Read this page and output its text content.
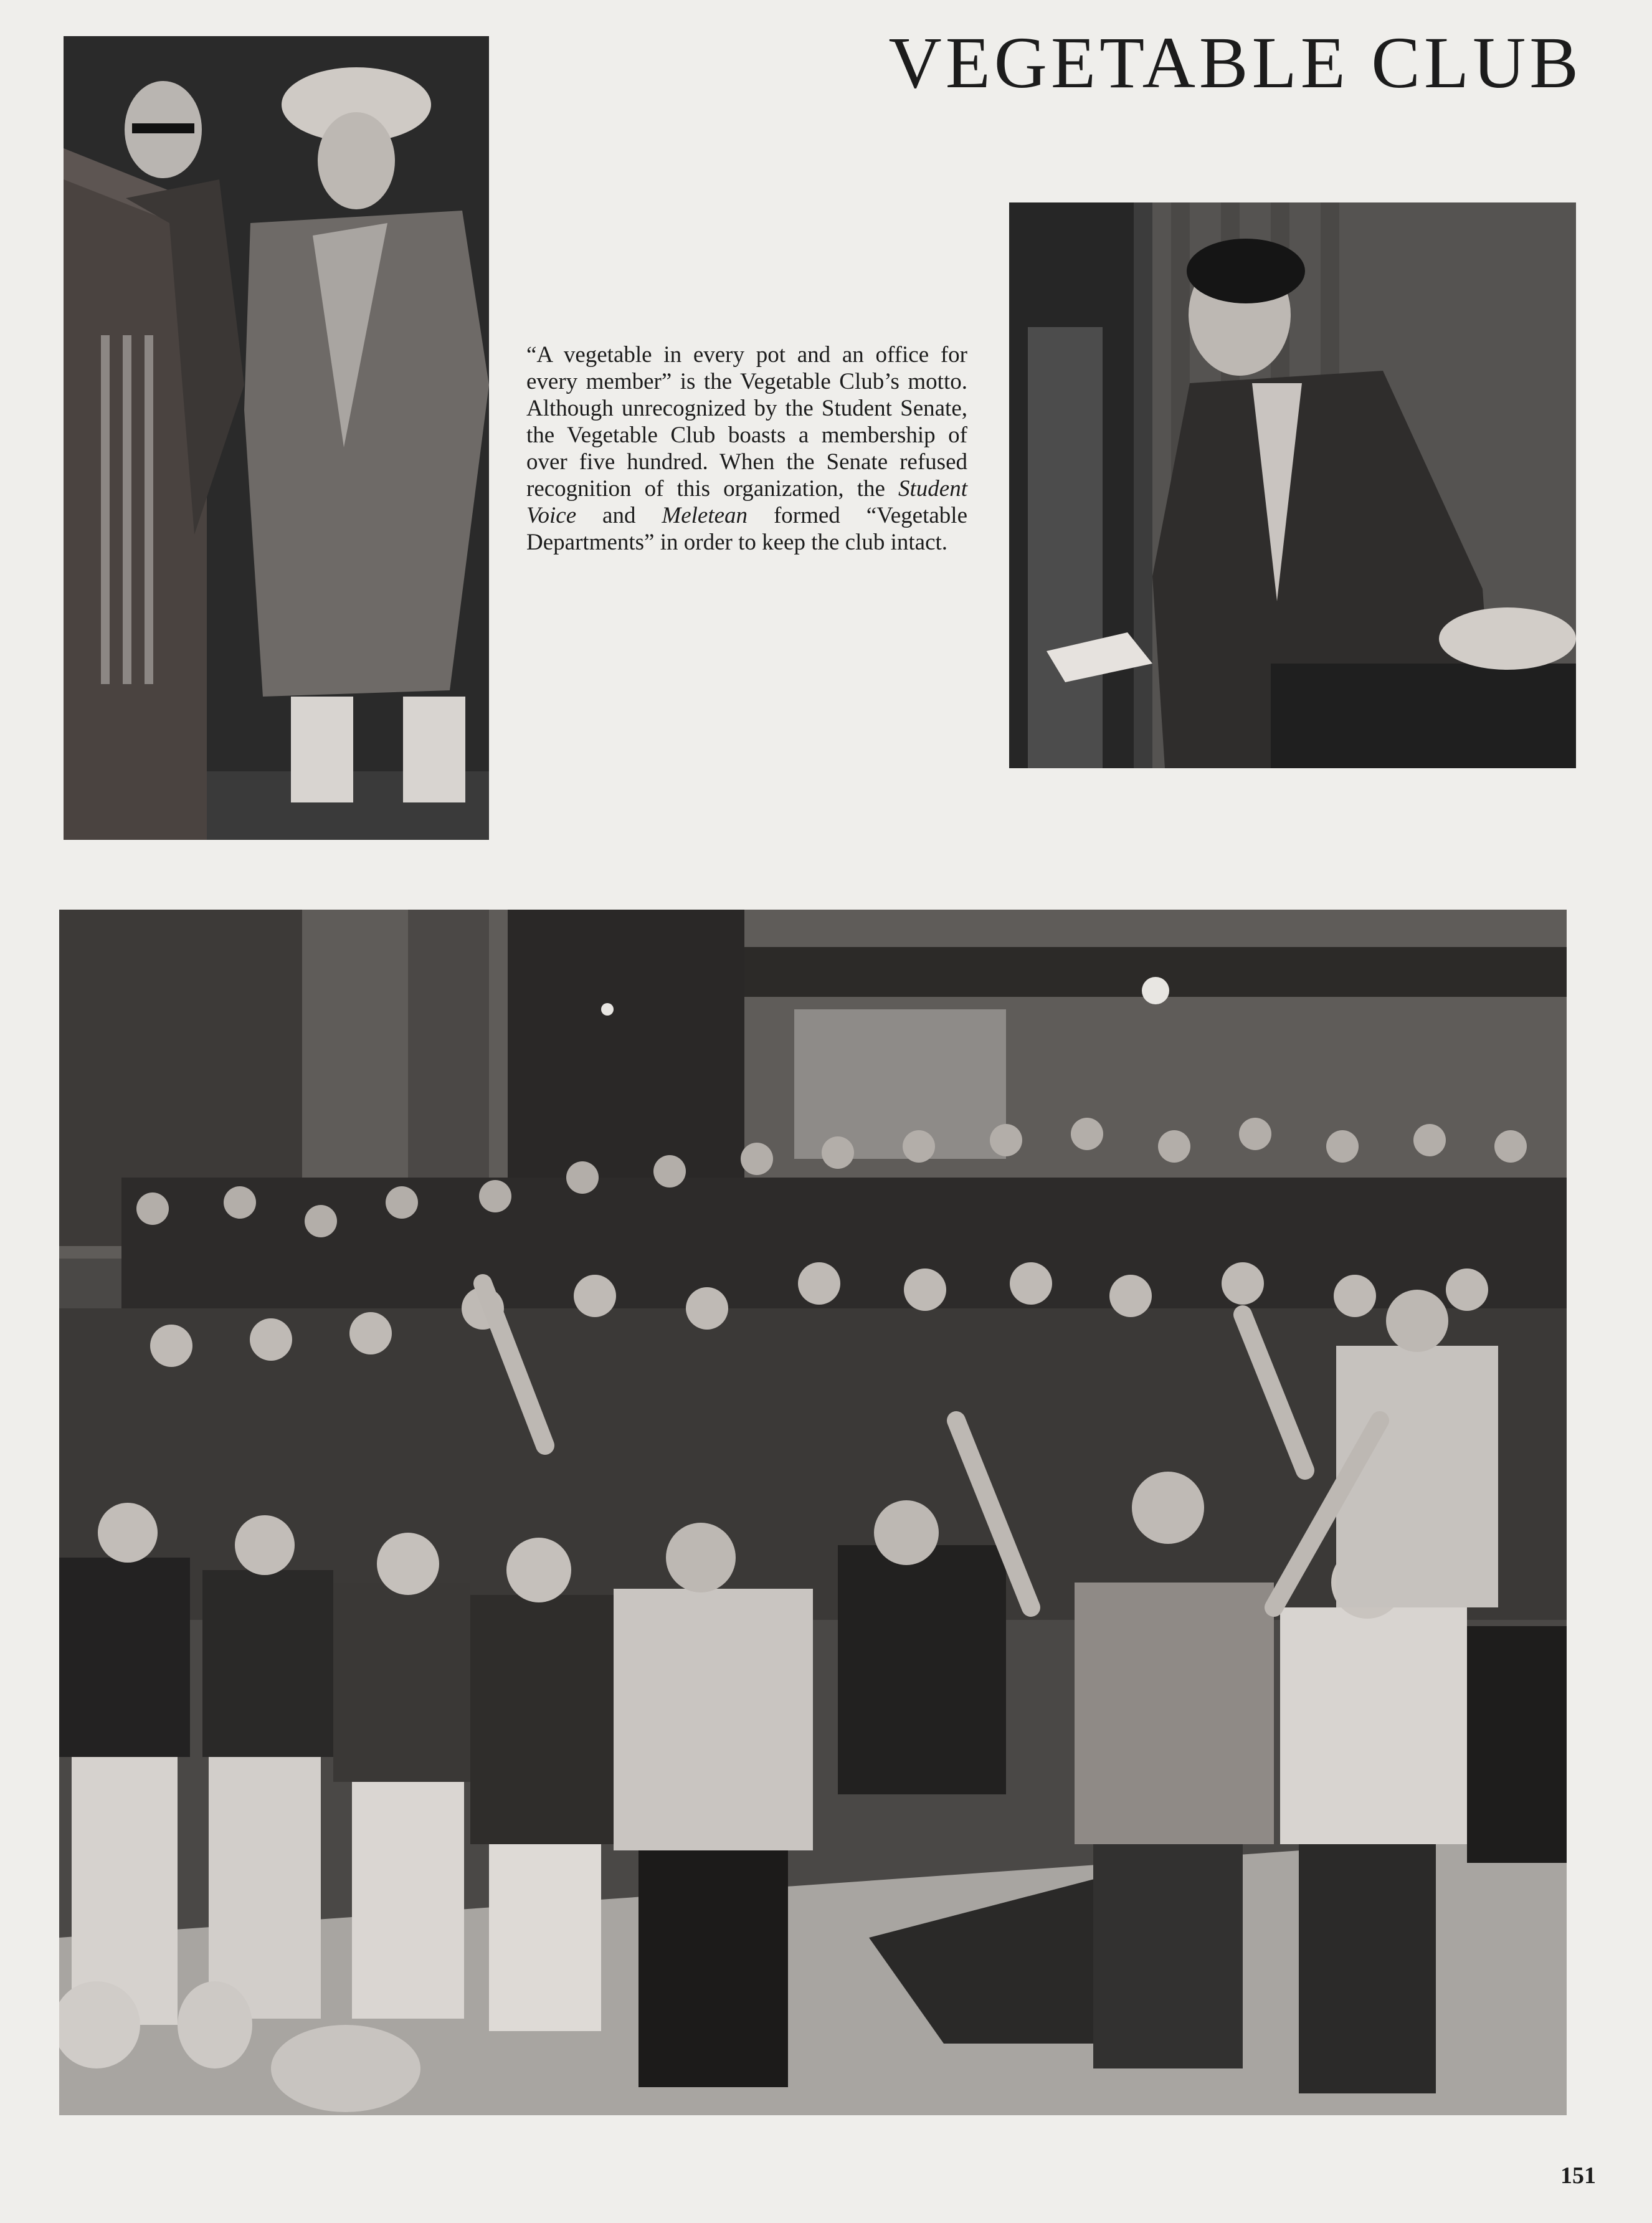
VEGETABLE CLUB

“A vegetable in every pot and an office for every member” is the Vegetable Club’s motto. Although unrecognized by the Student Senate, the Vegetable Club boasts a membership of over five hundred. When the Senate refused recognition of this organization, the Student Voice and Meletean formed “Vegetable Departments” in order to keep the club intact.

151
